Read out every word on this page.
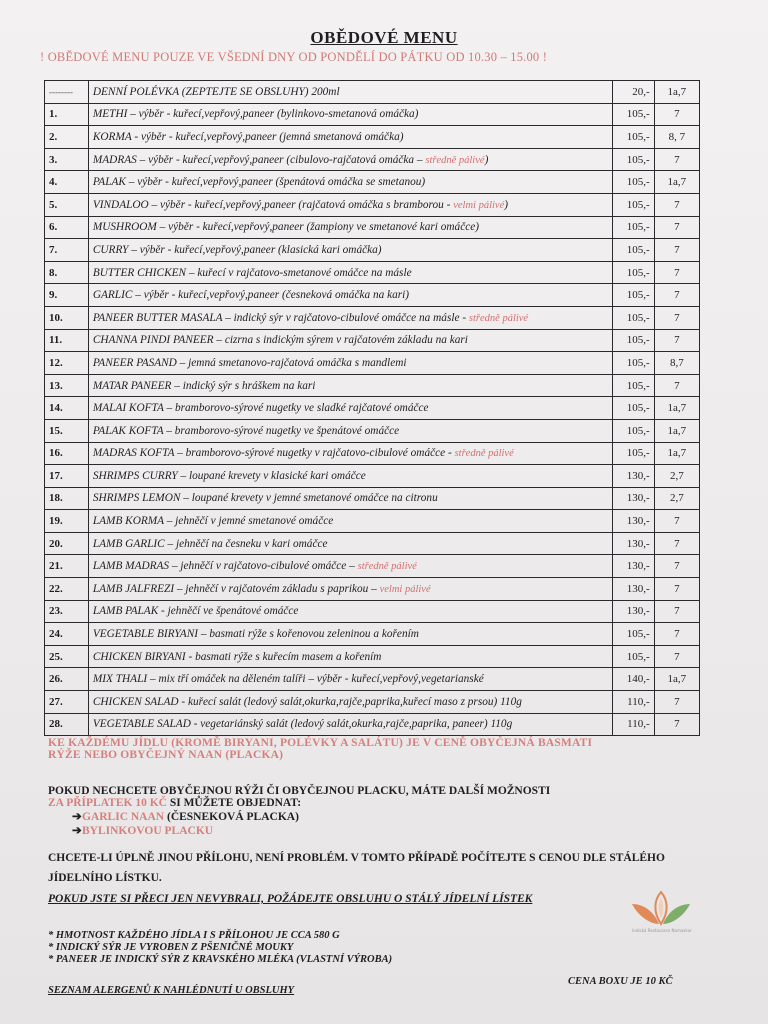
OBĚDOVÉ MENU
! OBĚDOVÉ MENU POUZE VE VŠEDNÍ DNY OD PONDĚLÍ DO PÁTKU OD 10.30 – 15.00 !
--------	DENNÍ POLÉVKA (ZEPTEJTE SE OBSLUHY) 200ml	20,-	1a,7
1.	METHI – výběr - kuřecí,vepřový,paneer (bylinkovo-smetanová omáčka)	105,-	7
2.	KORMA - výběr - kuřecí,vepřový,paneer (jemná smetanová omáčka)	105,-	8, 7
3.	MADRAS – výběr - kuřecí,vepřový,paneer (cibulovo-rajčatová omáčka – středně pálivé)	105,-	7
4.	PALAK – výběr - kuřecí,vepřový,paneer (špenátová omáčka se smetanou)	105,-	1a,7
5.	VINDALOO – výběr - kuřecí,vepřový,paneer (rajčatová omáčka s bramborou - velmi pálivé)	105,-	7
6.	MUSHROOM – výběr - kuřecí,vepřový,paneer (žampiony ve smetanové kari omáčce)	105,-	7
7.	CURRY – výběr - kuřecí,vepřový,paneer (klasická kari omáčka)	105,-	7
8.	BUTTER CHICKEN – kuřecí v rajčatovo-smetanové omáčce na másle	105,-	7
9.	GARLIC – výběr - kuřecí,vepřový,paneer (česneková omáčka na kari)	105,-	7
10.	PANEER BUTTER MASALA – indický sýr v rajčatovo-cibulové omáčce na másle - středně pálivé	105,-	7
11.	CHANNA PINDI PANEER – cizrna s indickým sýrem v rajčatovém základu na kari	105,-	7
12.	PANEER PASAND – jemná smetanovo-rajčatová omáčka s mandlemi	105,-	8,7
13.	MATAR PANEER – indický sýr s hráškem na kari	105,-	7
14.	MALAI KOFTA – bramborovo-sýrové nugetky ve sladké rajčatové omáčce	105,-	1a,7
15.	PALAK KOFTA – bramborovo-sýrové nugetky ve špenátové omáčce	105,-	1a,7
16.	MADRAS KOFTA – bramborovo-sýrové nugetky v rajčatovo-cibulové omáčce - středně pálivé	105,-	1a,7
17.	SHRIMPS CURRY – loupané krevety v klasické kari omáčce	130,-	2,7
18.	SHRIMPS LEMON – loupané krevety v jemné smetanové omáčce na citronu	130,-	2,7
19.	LAMB KORMA – jehněčí v jemné smetanové omáčce	130,-	7
20.	LAMB GARLIC – jehněčí na česneku v kari omáčce	130,-	7
21.	LAMB MADRAS – jehněčí v rajčatovo-cibulové omáčce – středně pálivé	130,-	7
22.	LAMB JALFREZI – jehněčí v rajčatovém základu s paprikou – velmi pálivé	130,-	7
23.	LAMB PALAK - jehněčí ve špenátové omáčce	130,-	7
24.	VEGETABLE BIRYANI – basmati rýže s kořenovou zeleninou a kořením	105,-	7
25.	CHICKEN BIRYANI - basmati rýže s kuřecím masem a kořením	105,-	7
26.	MIX THALI – mix tří omáček na děleném talíři – výběr - kuřecí,vepřový,vegetarianské	140,-	1a,7
27.	CHICKEN SALAD - kuřecí salát (ledový salát,okurka,rajče,paprika,kuřecí maso z prsou) 110g	110,-	7
28.	VEGETABLE SALAD - vegetariánský salát (ledový salát,okurka,rajče,paprika, paneer) 110g	110,-	7
KE KAŽDÉMU JÍDLU (KROMĚ BIRYANI, POLÉVKY A SALÁTU) JE V CENĚ OBYČEJNÁ BASMATI
RÝŽE NEBO OBYČEJNÝ NAAN (PLACKA)
POKUD NECHCETE OBYČEJNOU RÝŽI ČI OBYČEJNOU PLACKU, MÁTE DALŠÍ MOŽNOSTI
ZA PŘÍPLATEK 10 KČ SI MŮŽETE OBJEDNAT:
➔GARLIC NAAN (ČESNEKOVÁ PLACKA)
➔BYLINKOVOU PLACKU
CHCETE-LI ÚPLNĚ JINOU PŘÍLOHU, NENÍ PROBLÉM. V TOMTO PŘÍPADĚ POČÍTEJTE S CENOU DLE STÁLÉHO JÍDELNÍHO LÍSTKU.
POKUD JSTE SI PŘECI JEN NEVYBRALI, POŽÁDEJTE OBSLUHU O STÁLÝ JÍDELNÍ LÍSTEK
* HMOTNOST KAŽDÉHO JÍDLA I S PŘÍLOHOU JE CCA 580 G
* INDICKÝ SÝR JE VYROBEN Z PŠENIČNÉ MOUKY
* PANEER JE INDICKÝ SÝR Z KRAVSKÉHO MLÉKA (VLASTNÍ VÝROBA)
SEZNAM ALERGENŮ K NAHLÉDNUTÍ U OBSLUHY
CENA BOXU JE 10 KČ
Indická Restaurace Namaskar
